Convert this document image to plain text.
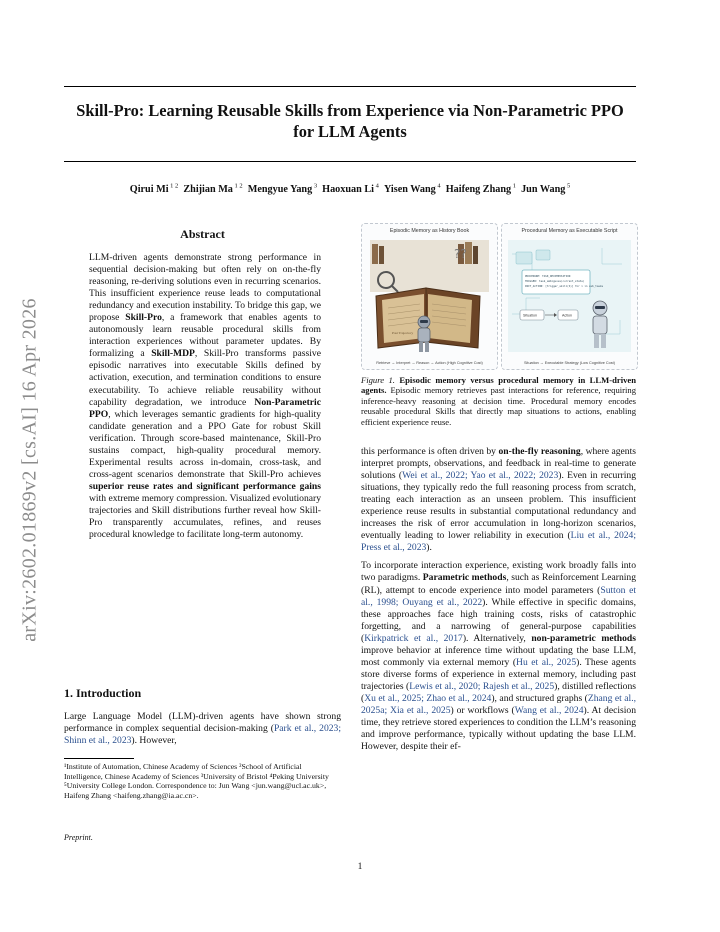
Skill-Pro: Learning Reusable Skills from Experience via Non-Parametric PPO for LLM Agents
Qirui Mi $^{1 2}$  Zhijian Ma $^{1 2}$  Mengyue Yang $^3$  Haoxuan Li $^4$  Yisen Wang $^4$  Haifeng Zhang $^1$  Jun Wang $^5$
arXiv:2602.01869v2 [cs.AI] 16 Apr 2026
Abstract

LLM-driven agents demonstrate strong performance in sequential decision-making but often rely on on-the-fly reasoning, re-deriving solutions even in recurring scenarios. This insufficient experience reuse leads to computational redundancy and execution instability. To bridge this gap, we propose Skill-Pro, a framework that enables agents to autonomously learn reusable procedural skills from interaction experiences without parameter updates. By formalizing a Skill-MDP, Skill-Pro transforms passive episodic narratives into executable Skills defined by activation, execution, and termination conditions to ensure executability. To achieve reliable reusability without capability degradation, we introduce Non-Parametric PPO, which leverages semantic gradients for high-quality candidate generation and a PPO Gate for robust Skill verification. Through score-based maintenance, Skill-Pro sustains compact, high-quality procedural memory. Experimental results across in-domain, cross-task, and cross-agent scenarios demonstrate that Skill-Pro achieves superior reuse rates and significant performance gains with extreme memory compression. Visualized evolutionary trajectories and Skill distributions further reveal how Skill-Pro transparently accumulates, refines, and reuses procedural knowledge to facilitate long-term autonomy.

1. Introduction

Large Language Model (LLM)-driven agents have shown strong performance in complex sequential decision-making (Park et al., 2023; Shinn et al., 2023). However,

¹Institute of Automation, Chinese Academy of Sciences ²School of Artificial Intelligence, Chinese Academy of Sciences ³University of Bristol ⁴Peking University ⁵University College London. Correspondence to: Jun Wang <jun.wang@ucl.ac.uk>, Haifeng Zhang <haifeng.zhang@ia.ac.cn>.

Preprint.
Episodic Memory as History Book
??
Past Trajectory
Retrieve → Interpret → Reason → Action (High Cognitive Cost)
Procedural Memory as Executable Script
PROCEDURE: TASK_DECOMPOSITION
TRIGGER: task_ambiguous(current_state)
INIT_ACTION: [trigger_skill(S)] for i in sub_tasks
Situation	Action
Situation → Executable Strategy (Low Cognitive Cost)
Figure 1. Episodic memory versus procedural memory in LLM-driven agents. Episodic memory retrieves past interactions for reference, requiring inference-heavy reasoning at decision time. Procedural memory encodes reusable procedural Skills that directly map situations to actions, enabling efficient experience reuse.

this performance is often driven by on-the-fly reasoning, where agents interpret prompts, observations, and feedback in real-time to generate solutions (Wei et al., 2022; Yao et al., 2022; 2023). Even in recurring situations, they typically redo the full reasoning process from scratch, treating each interaction as an unseen problem. This insufficient experience reuse results in substantial computational redundancy and increases the risk of error accumulation in long-horizon scenarios, eventually leading to lower reliability in execution (Liu et al., 2024; Press et al., 2023).

To incorporate interaction experience, existing work broadly falls into two paradigms. Parametric methods, such as Reinforcement Learning (RL), attempt to encode experience into model parameters (Sutton et al., 1998; Ouyang et al., 2022). While effective in specific domains, these approaches face high training costs, risks of catastrophic forgetting, and a narrowing of general-purpose capabilities (Kirkpatrick et al., 2017). Alternatively, non-parametric methods improve behavior at inference time without updating the base LLM, most commonly via external memory (Hu et al., 2025). These agents store diverse forms of experience in external memory, including past trajectories (Lewis et al., 2020; Rajesh et al., 2025), distilled reflections (Xu et al., 2025; Zhao et al., 2024), and structured graphs (Zhang et al., 2025a; Xia et al., 2025) or workflows (Wang et al., 2024). At decision time, they retrieve stored experiences to condition the LLM’s reasoning and improve performance, typically without updating the base LLM. However, despite their ef-

1
